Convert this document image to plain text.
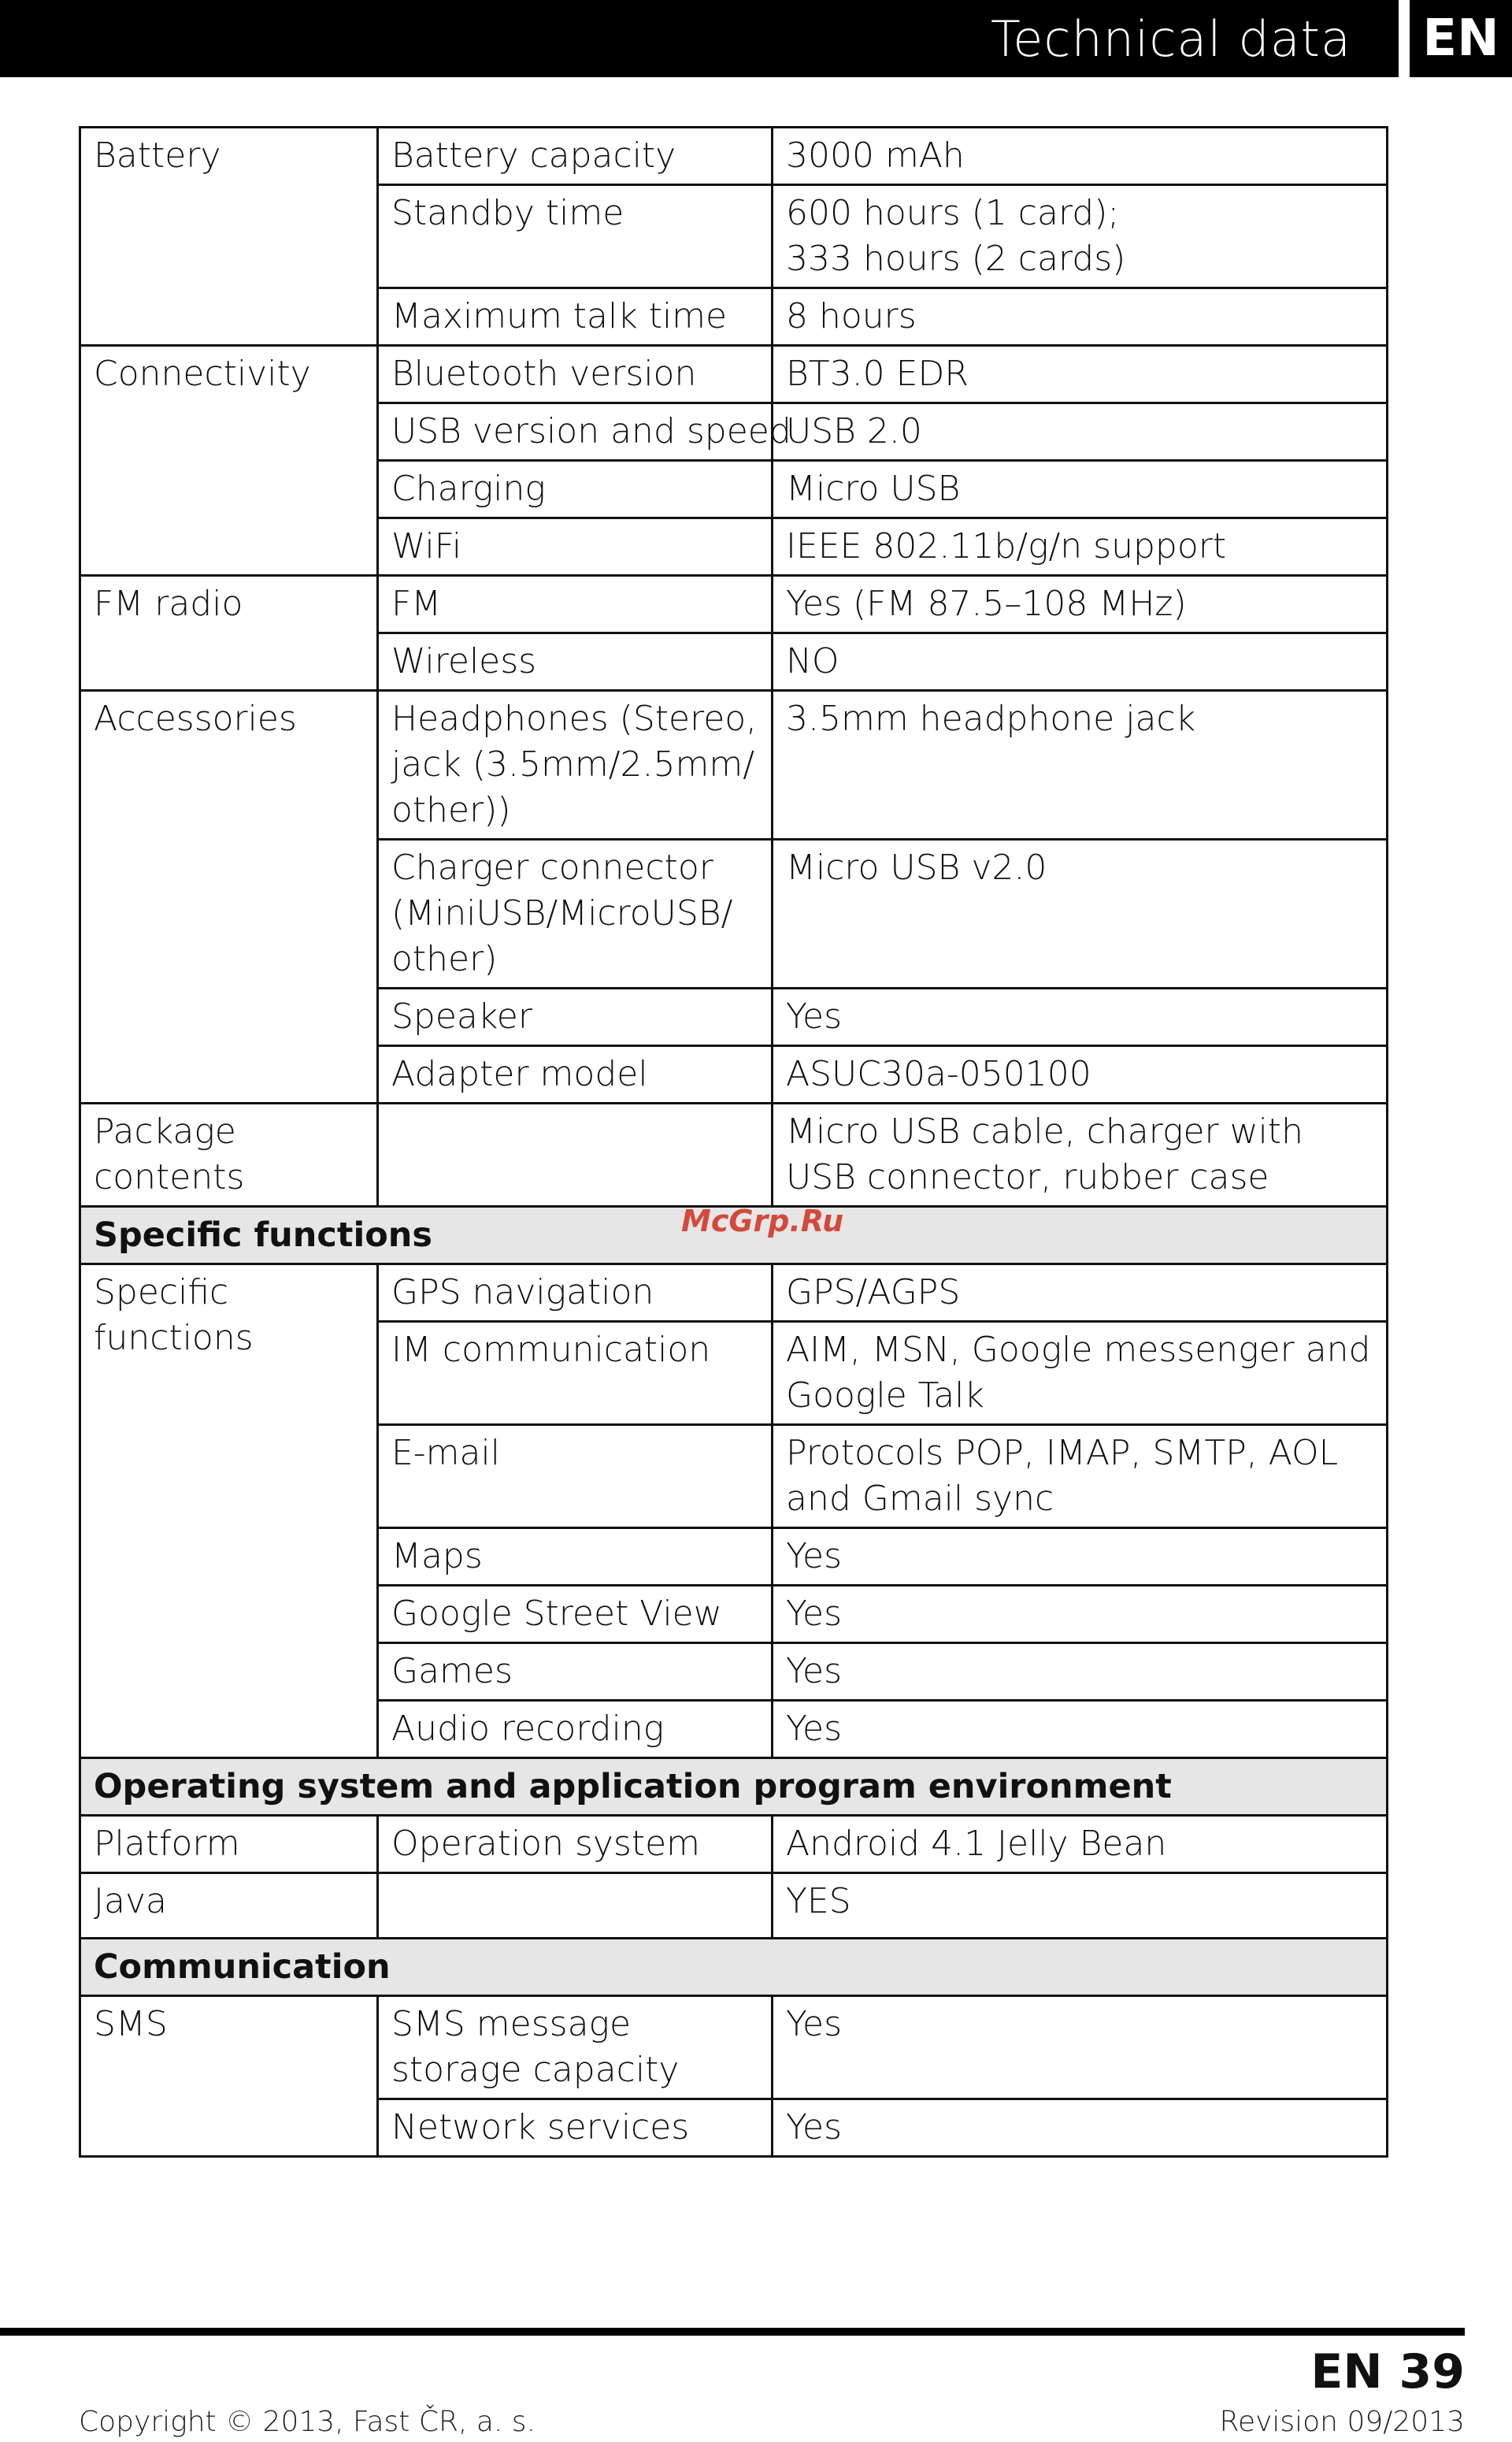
Technical data EN
Battery	Battery capacity	3000 mAh
	Standby time	600 hours (1 card);
333 hours (2 cards)
	Maximum talk time	8 hours
Connectivity	Bluetooth version	BT3.0 EDR
	USB version and speed	USB 2.0
	Charging	Micro USB
	WiFi	IEEE 802.11b/g/n support
FM radio	FM	Yes (FM 87.5–108 MHz)
	Wireless	NO
Accessories	Headphones (Stereo, jack (3.5mm/2.5mm/ other))	3.5mm headphone jack
	Charger connector (MiniUSB/MicroUSB/ other)	Micro USB v2.0
	Speaker	Yes
	Adapter model	ASUC30a-050100
Package contents		Micro USB cable, charger with USB connector, rubber case
Specific functions		
Specific functions	GPS navigation	GPS/AGPS
	IM communication	AIM, MSN, Google messenger and Google Talk
	E-mail	Protocols POP, IMAP, SMTP, AOL and Gmail sync
	Maps	Yes
	Google Street View	Yes
	Games	Yes
	Audio recording	Yes
Operating system and application program environment		
Platform	Operation system	Android 4.1 Jelly Bean
Java		YES
Communication		
SMS	SMS message storage capacity	Yes
	Network services	Yes
McGrp.Ru
EN 39
Copyright © 2013, Fast ČR, a. s.	Revision 09/2013
